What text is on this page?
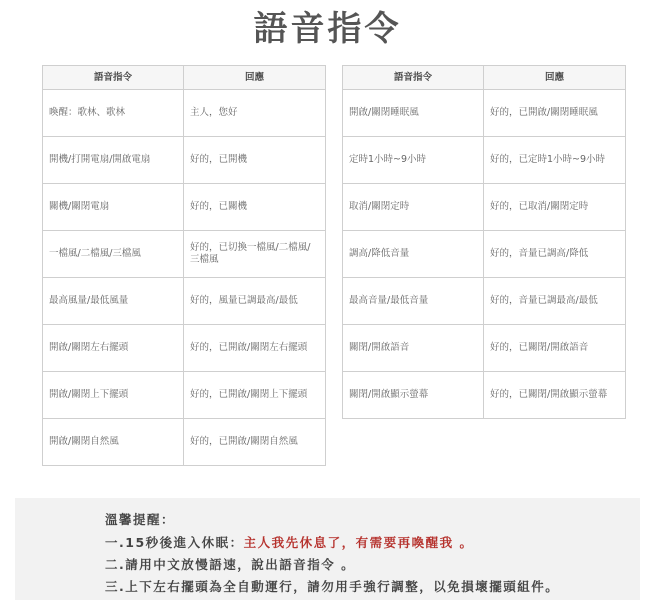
語音指令
語音指令	回應
喚醒：歌林、歌林	主人，您好
開機/打開電扇/開啟電扇	好的，已開機
關機/關閉電扇	好的，已關機
一檔風/二檔風/三檔風	好的，已切換一檔風/二檔風/三檔風
最高風量/最低風量	好的，風量已調最高/最低
開啟/關閉左右擺頭	好的，已開啟/關閉左右擺頭
開啟/關閉上下擺頭	好的，已開啟/關閉上下擺頭
開啟/關閉自然風	好的，已開啟/關閉自然風
語音指令	回應
開啟/關閉睡眠風	好的，已開啟/關閉睡眠風
定時1小時~9小時	好的，已定時1小時~9小時
取消/關閉定時	好的，已取消/關閉定時
調高/降低音量	好的，音量已調高/降低
最高音量/最低音量	好的，音量已調最高/最低
關閉/開啟語音	好的，已關閉/開啟語音
關閉/開啟顯示螢幕	好的，已關閉/開啟顯示螢幕
溫馨提醒：
一.15秒後進入休眠：主人我先休息了，有需要再喚醒我 。
二.請用中文放慢語速，說出語音指令 。
三.上下左右擺頭為全自動運行，請勿用手強行調整，以免損壞擺頭組件。
